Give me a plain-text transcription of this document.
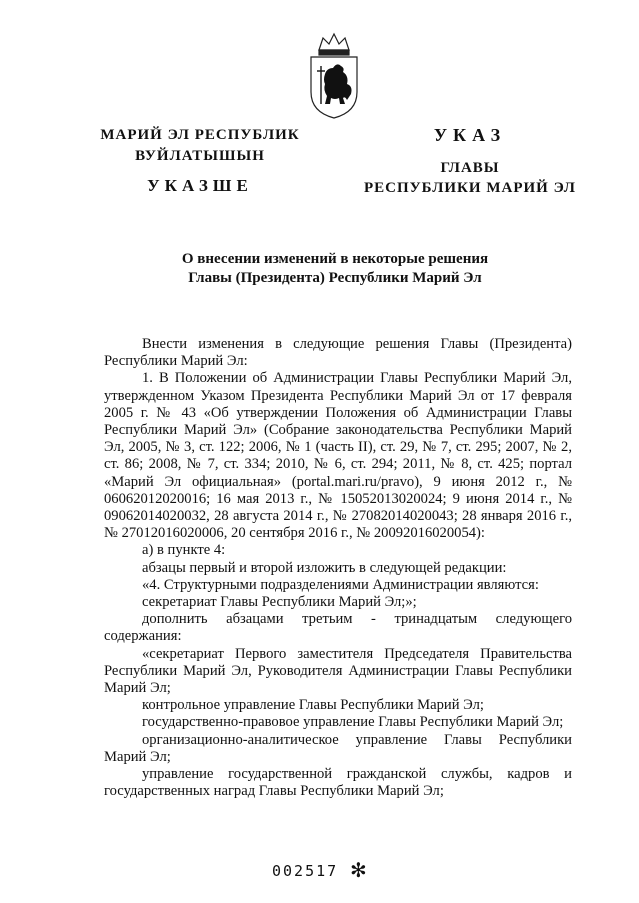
МАРИЙ ЭЛ РЕСПУБЛИК
ВУЙЛАТЫШЫН
УКАЗШЕ
УКАЗ
ГЛАВЫ
РЕСПУБЛИКИ МАРИЙ ЭЛ
О внесении изменений в некоторые решения
Главы (Президента) Республики Марий Эл

Внести изменения в следующие решения Главы (Президента) Республики Марий Эл:

1. В Положении об Администрации Главы Республики Марий Эл, утвержденном Указом Президента Республики Марий Эл от 17 февраля 2005 г. № 43 «Об утверждении Положения об Администрации Главы Республики Марий Эл» (Собрание законодательства Республики Марий Эл, 2005, № 3, ст. 122; 2006, № 1 (часть II), ст. 29, № 7, ст. 295; 2007, № 2, ст. 86; 2008, № 7, ст. 334; 2010, № 6, ст. 294; 2011, № 8, ст. 425; портал «Марий Эл официальная» (portal.mari.ru/pravo), 9 июня 2012 г., № 06062012020016; 16 мая 2013 г., № 15052013020024; 9 июня 2014 г., № 09062014020032, 28 августа 2014 г., № 27082014020043; 28 января 2016 г., № 27012016020006, 20 сентября 2016 г., № 20092016020054):

а) в пункте 4:

абзацы первый и второй изложить в следующей редакции:

«4. Структурными подразделениями Администрации являются:

секретариат Главы Республики Марий Эл;»;

дополнить абзацами третьим - тринадцатым следующего содержания:

«секретариат Первого заместителя Председателя Правительства Республики Марий Эл, Руководителя Администрации Главы Республики Марий Эл;

контрольное управление Главы Республики Марий Эл;

государственно-правовое управление Главы Республики Марий Эл;

организационно-аналитическое управление Главы Республики Марий Эл;

управление государственной гражданской службы, кадров и государственных наград Главы Республики Марий Эл;

002517 ✻
